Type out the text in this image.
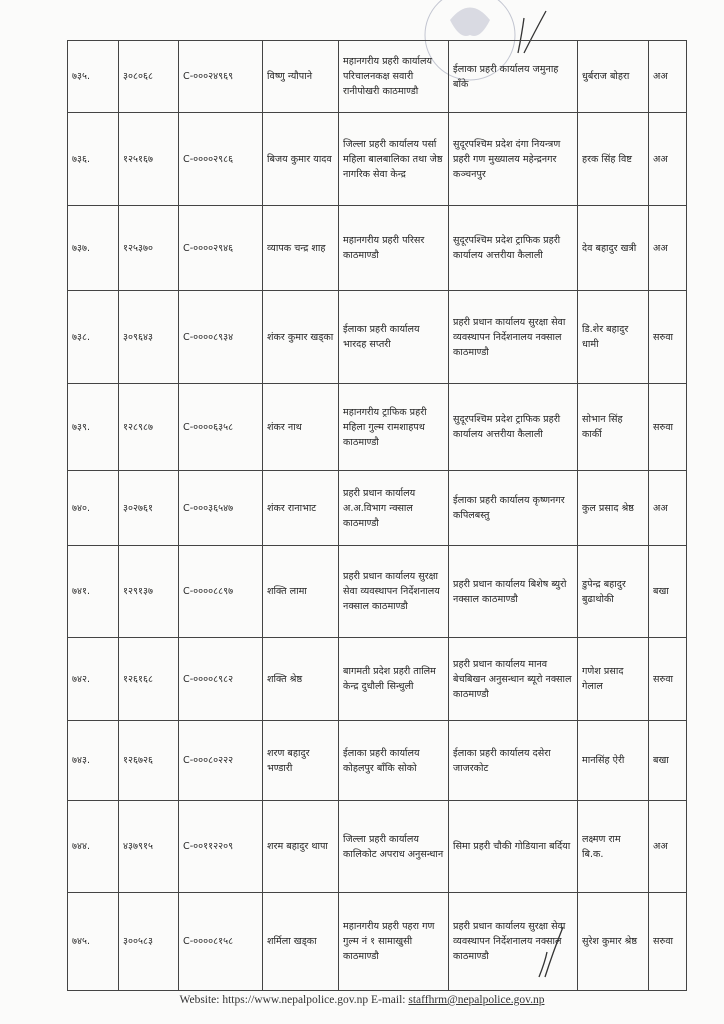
७३५.	३०८०६८	C-०००२४९६९	विष्णु न्यौपाने	महानगरीय प्रहरी कार्यालय परिचालनकक्ष सवारी रानीपोखरी काठमाण्डौ	ईलाका प्रहरी कार्यालय जमुनाह बाँके	धुर्बराज बोहरा	अअ
७३६.	१२५१६७	C-००००२९८६	बिजय कुमार यादव	जिल्ला प्रहरी कार्यालय पर्सा महिला बालबालिका तथा जेष्ठ नागरिक सेवा केन्द्र	सुदूरपश्चिम प्रदेश दंगा नियन्त्रण प्रहरी गण मुख्यालय महेन्द्रनगर कञ्चनपुर	हरक सिंह विष्ट	अअ
७३७.	१२५३७०	C-००००२९४६	व्यापक चन्द्र शाह	महानगरीय प्रहरी परिसर काठमाण्डौ	सुदूरपश्चिम प्रदेश ट्राफिक प्रहरी कार्यालय अत्तरीया कैलाली	देव बहादुर खत्री	अअ
७३८.	३०९६४३	C-००००८९३४	शंकर कुमार खड्का	ईलाका प्रहरी कार्यालय भारदह सप्तरी	प्रहरी प्रधान कार्यालय सुरक्षा सेवा व्यवस्थापन निर्देशनालय नक्साल काठमाण्डौ	डि.शेर बहादुर धामी	सरुवा
७३९.	१२८९८७	C-००००६३५८	शंकर नाथ	महानगरीय ट्राफिक प्रहरी महिला गुल्म रामशाहपथ काठमाण्डौ	सुदूरपश्चिम प्रदेश ट्राफिक प्रहरी कार्यालय अत्तरीया कैलाली	सोभान सिंह कार्की	सरुवा
७४०.	३०२७६१	C-०००३६५४७	शंकर रानाभाट	प्रहरी प्रधान कार्यालय अ.अ.विभाग न्क्साल काठमाण्डौ	ईलाका प्रहरी कार्यालय कृष्णनगर कपिलबस्तु	कुल प्रसाद श्रेष्ठ	अअ
७४१.	१२९१३७	C-००००८८९७	शक्ति लामा	प्रहरी प्रधान कार्यालय सुरक्षा सेवा व्यवस्थापन निर्देशनालय नक्साल काठमाण्डौ	प्रहरी प्रधान कार्यालय बिशेष ब्युरो नक्साल काठमाण्डौ	डुपेन्द्र बहादुर बुढाथोकी	बखा
७४२.	१२६१६८	C-००००८९८२	शक्ति श्रेष्ठ	बागमती प्रदेश प्रहरी तालिम केन्द्र दुधौली सिन्धुली	प्रहरी प्रधान कार्यालय मानव बेचबिखन अनुसन्धान ब्यूरो नक्साल काठमाण्डौ	गणेश प्रसाद गेलाल	सरुवा
७४३.	१२६७२६	C-०००८०२२२	शरण बहादुर भण्डारी	ईलाका प्रहरी कार्यालय कोहलपुर बाँकि सोको	ईलाका प्रहरी कार्यालय दसेरा जाजरकोट	मानसिंह ऐरी	बखा
७४४.	४३७९१५	C-००११२२०९	शरम बहादुर थापा	जिल्ला प्रहरी कार्यालय कालिकोट अपराध अनुसन्धान	सिमा प्रहरी चौकी गोडियाना बर्दिया	लक्ष्मण राम बि.क.	अअ
७४५.	३००५८३	C-००००८१५८	शर्मिला खड्का	महानगरीय प्रहरी पहरा गण गुल्म नं १ सामाखुसी काठमाण्डौ	प्रहरी प्रधान कार्यालय सुरक्षा सेवा व्यवस्थापन निर्देशनालय नक्साल काठमाण्डौ	सुरेश कुमार श्रेष्ठ	सरुवा
Website: https://www.nepalpolice.gov.np E-mail: staffhrm@nepalpolice.gov.np
